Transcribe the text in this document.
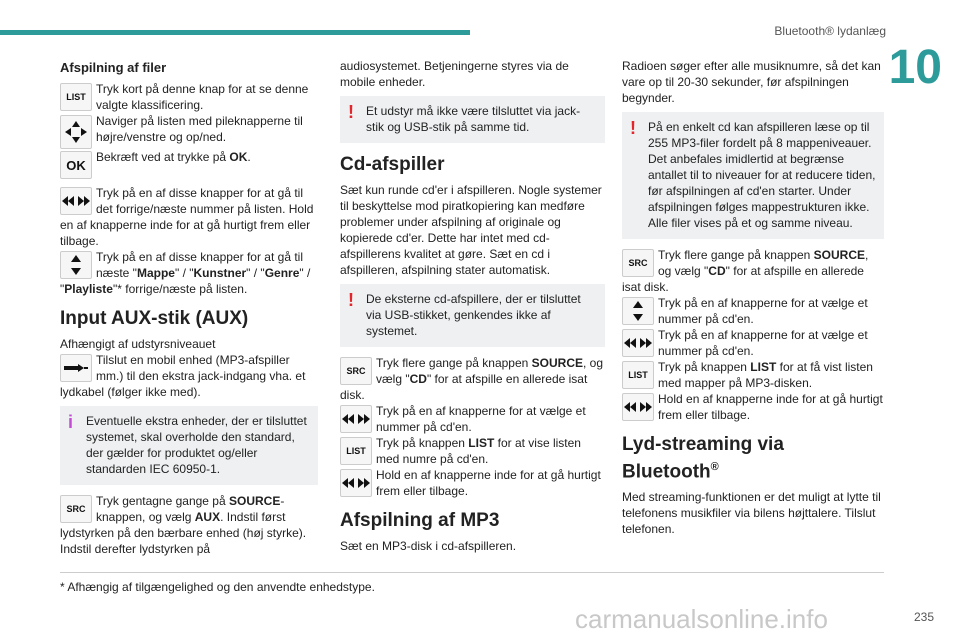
Bluetooth® lydanlæg
10
Afspilning af filer
LIST

Tryk kort på denne knap for at se denne valgte klassificering.

Naviger på listen med pileknapperne til højre/venstre og op/ned.

OK

Bekræft ved at trykke på OK.

Tryk på en af disse knapper for at gå til det forrige/næste nummer på listen. Hold en af knapperne inde for at gå hurtigt frem eller tilbage.

Tryk på en af disse knapper for at gå til næste "Mappe" / "Kunstner" / "Genre" / "Playliste"* forrige/næste på listen.

Input AUX-stik (AUX)

Afhængigt af udstyrsniveauet

Tilslut en mobil enhed (MP3-afspiller mm.) til den ekstra jack-indgang vha. et lydkabel (følger ikke med).

i Eventuelle ekstra enheder, der er tilsluttet systemet, skal overholde den standard, der gælder for produktet og/eller standarden IEC 60950-1.
SRC

Tryk gentagne gange på SOURCE-knappen, og vælg AUX. Indstil først lydstyrken på den bærbare enhed (høj styrke). Indstil derefter lydstyrken på

audiosystemet. Betjeningerne styres via de mobile enheder.

! Et udstyr må ikke være tilsluttet via jack-stik og USB-stik på samme tid.
Cd-afspiller

Sæt kun runde cd'er i afspilleren. Nogle systemer til beskyttelse mod piratkopiering kan medføre problemer under afspilning af originale og kopierede cd'er. Dette har intet med cd-afspillerens kvalitet at gøre. Sæt en cd i afspilleren, afspilning stater automatisk.

! De eksterne cd-afspillere, der er tilsluttet via USB-stikket, genkendes ikke af systemet.
SRC

Tryk flere gange på knappen SOURCE, og vælg "CD" for at afspille en allerede isat disk.

Tryk på en af knapperne for at vælge et nummer på cd'en.

LIST

Tryk på knappen LIST for at vise listen med numre på cd'en.

Hold en af knapperne inde for at gå hurtigt frem eller tilbage.

Afspilning af MP3

Sæt en MP3-disk i cd-afspilleren.

Radioen søger efter alle musiknumre, så det kan vare op til 20-30 sekunder, før afspilningen begynder.

! På en enkelt cd kan afspilleren læse op til 255 MP3-filer fordelt på 8 mappeniveauer. Det anbefales imidlertid at begrænse antallet til to niveauer for at reducere tiden, før afspilningen af cd'en starter. Under afspilningen følges mappestrukturen ikke. Alle filer vises på et og samme niveau.
SRC

Tryk flere gange på knappen SOURCE, og vælg "CD" for at afspille en allerede isat disk.

Tryk på en af knapperne for at vælge et nummer på cd'en.

Tryk på en af knapperne for at vælge et nummer på cd'en.

LIST

Tryk på knappen LIST for at få vist listen med mapper på MP3-disken.

Hold en af knapperne inde for at gå hurtigt frem eller tilbage.

Lyd-streaming via
Bluetooth®

Med streaming-funktionen er det muligt at lytte til telefonens musikfiler via bilens højttalere. Tilslut telefonen.

* Afhængig af tilgængelighed og den anvendte enhedstype.
carmanualsonline.info	235
